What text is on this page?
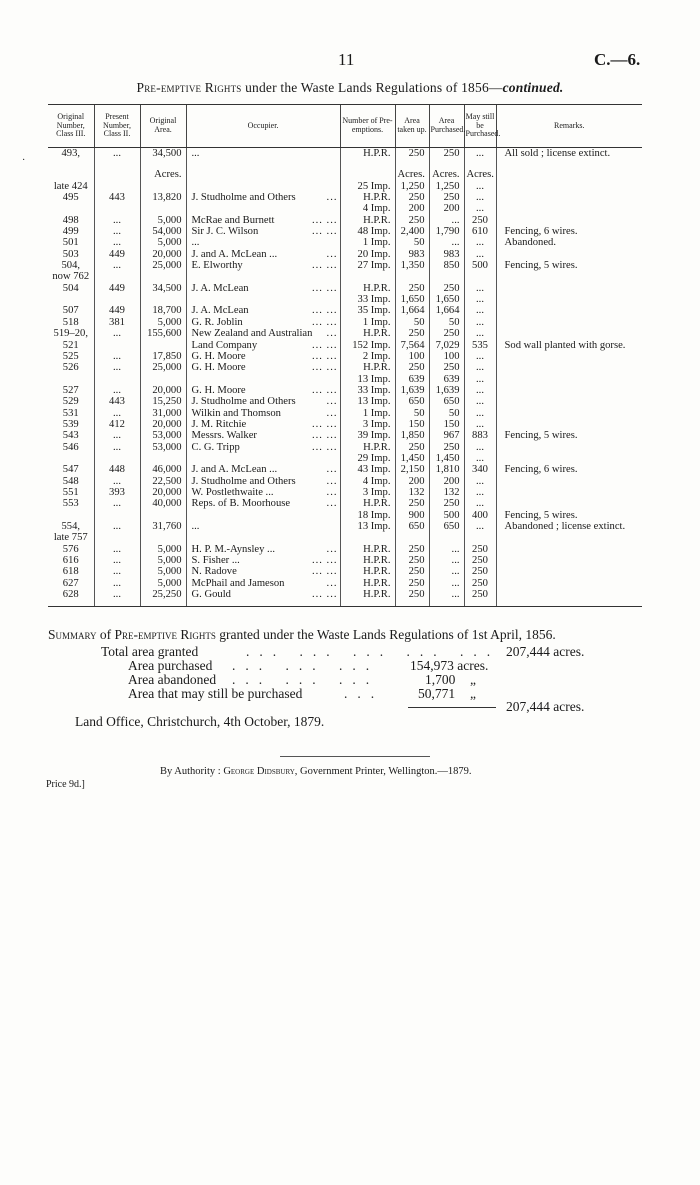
11	C.—6.
Pre-emptive Rights under the Waste Lands Regulations of 1856—continued.
·
Original Number, Class III.	Present Number, Class II.	Original Area.	Occupier.	Number of Pre-emptions.	Area taken up.	Area Purchased.	May still be Purchased.	Remarks.
493,	...	34,500	...	H.P.R.	250	250	...	All sold ; license extinct.

		Acres.			Acres.	Acres.	Acres.	
late 424				25 Imp.	1,250	1,250	...	
495	443	13,820	J. Studholme and Others ...	H.P.R.	250	250	...	
				4 Imp.	200	200	...	
498	...	5,000	McRae and Burnett ... ...	H.P.R.	250	...	250	
499	...	54,000	Sir J. C. Wilson ... ...	48 Imp.	2,400	1,790	610	Fencing, 6 wires.
501	...	5,000	...	1 Imp.	50	...	...	Abandoned.
503	449	20,000	J. and A. McLean ... ...	20 Imp.	983	983	...	
504,	...	25,000	E. Elworthy ... ...	27 Imp.	1,350	850	500	Fencing, 5 wires.
now 762								
504	449	34,500	J. A. McLean ... ...	H.P.R.	250	250	...	
				33 Imp.	1,650	1,650	...	
507	449	18,700	J. A. McLean ... ...	35 Imp.	1,664	1,664	...	
518	381	5,000	G. R. Joblin ... ...	1 Imp.	50	50	...	
519–20,	...	155,600	New Zealand and Australian ...	H.P.R.	250	250	...	
521			Land Company ... ...	152 Imp.	7,564	7,029	535	Sod wall planted with gorse.
525	...	17,850	G. H. Moore ... ...	2 Imp.	100	100	...	
526	...	25,000	G. H. Moore ... ...	H.P.R.	250	250	...	
				13 Imp.	639	639	...	
527	...	20,000	G. H. Moore ... ...	33 Imp.	1,639	1,639	...	
529	443	15,250	J. Studholme and Others ...	13 Imp.	650	650	...	
531	...	31,000	Wilkin and Thomson ...	1 Imp.	50	50	...	
539	412	20,000	J. M. Ritchie ... ...	3 Imp.	150	150	...	
543	...	53,000	Messrs. Walker ... ...	39 Imp.	1,850	967	883	Fencing, 5 wires.
546	...	53,000	C. G. Tripp ... ...	H.P.R.	250	250	...	
				29 Imp.	1,450	1,450	...	
547	448	46,000	J. and A. McLean ... ...	43 Imp.	2,150	1,810	340	Fencing, 6 wires.
548	...	22,500	J. Studholme and Others ...	4 Imp.	200	200	...	
551	393	20,000	W. Postlethwaite ... ...	3 Imp.	132	132	...	
553	...	40,000	Reps. of B. Moorhouse ...	H.P.R.	250	250	...	
				18 Imp.	900	500	400	Fencing, 5 wires.
554,	...	31,760	...	13 Imp.	650	650	...	Abandoned ; license extinct.
late 757								
576	...	5,000	H. P. M.-Aynsley ... ...	H.P.R.	250	...	250	
616	...	5,000	S. Fisher ... ... ...	H.P.R.	250	...	250	
618	...	5,000	N. Radove ... ...	H.P.R.	250	...	250	
627	...	5,000	McPhail and Jameson ...	H.P.R.	250	...	250	
628	...	25,250	G. Gould ... ...	H.P.R.	250	...	250	
Summary of Pre-emptive Rights granted under the Waste Lands Regulations of 1st April, 1856.
Total area granted	... ... ... ... ... 207,444 acres.
Area purchased ... ... ... 154,973 acres.
Area abandoned ... ... ...	1,700 „
Area that may still be purchased	...	50,771 „
207,444 acres.
Land Office, Christchurch, 4th October, 1879.
By Authority : George Didsbury, Government Printer, Wellington.—1879.
Price 9d.]
